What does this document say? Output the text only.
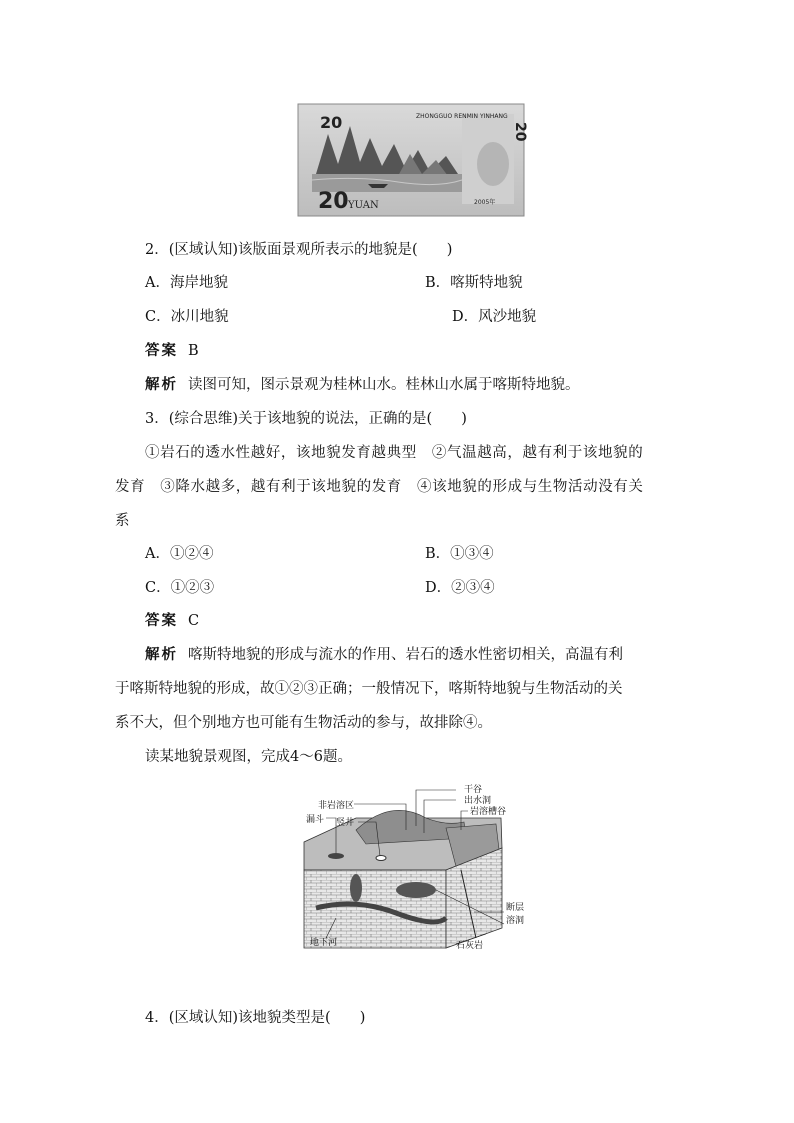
20	ZHONGGUO RENMIN YINHANG
20
20 YUAN	2005年
2．(区域认知)该版面景观所表示的地貌是(　　)
A．海岸地貌	B．喀斯特地貌
C．冰川地貌	D．风沙地貌
答案 B
解析 读图可知，图示景观为桂林山水。桂林山水属于喀斯特地貌。
3．(综合思维)关于该地貌的说法，正确的是(　　)
①岩石的透水性越好，该地貌发育越典型　②气温越高，越有利于该地貌的
发育　③降水越多，越有利于该地貌的发育　④该地貌的形成与生物活动没有关
系
A．①②④	B．①③④
C．①②③	D．②③④
答案 C
解析 喀斯特地貌的形成与流水的作用、岩石的透水性密切相关，高温有利
于喀斯特地貌的形成，故①②③正确；一般情况下，喀斯特地貌与生物活动的关
系不大，但个别地方也可能有生物活动的参与，故排除④。
读某地貌景观图，完成4～6题。
干谷
出水洞
岩溶槽谷
非岩溶区
漏斗 竖井
断层
溶洞
地下河	石灰岩
4．(区域认知)该地貌类型是(　　)
